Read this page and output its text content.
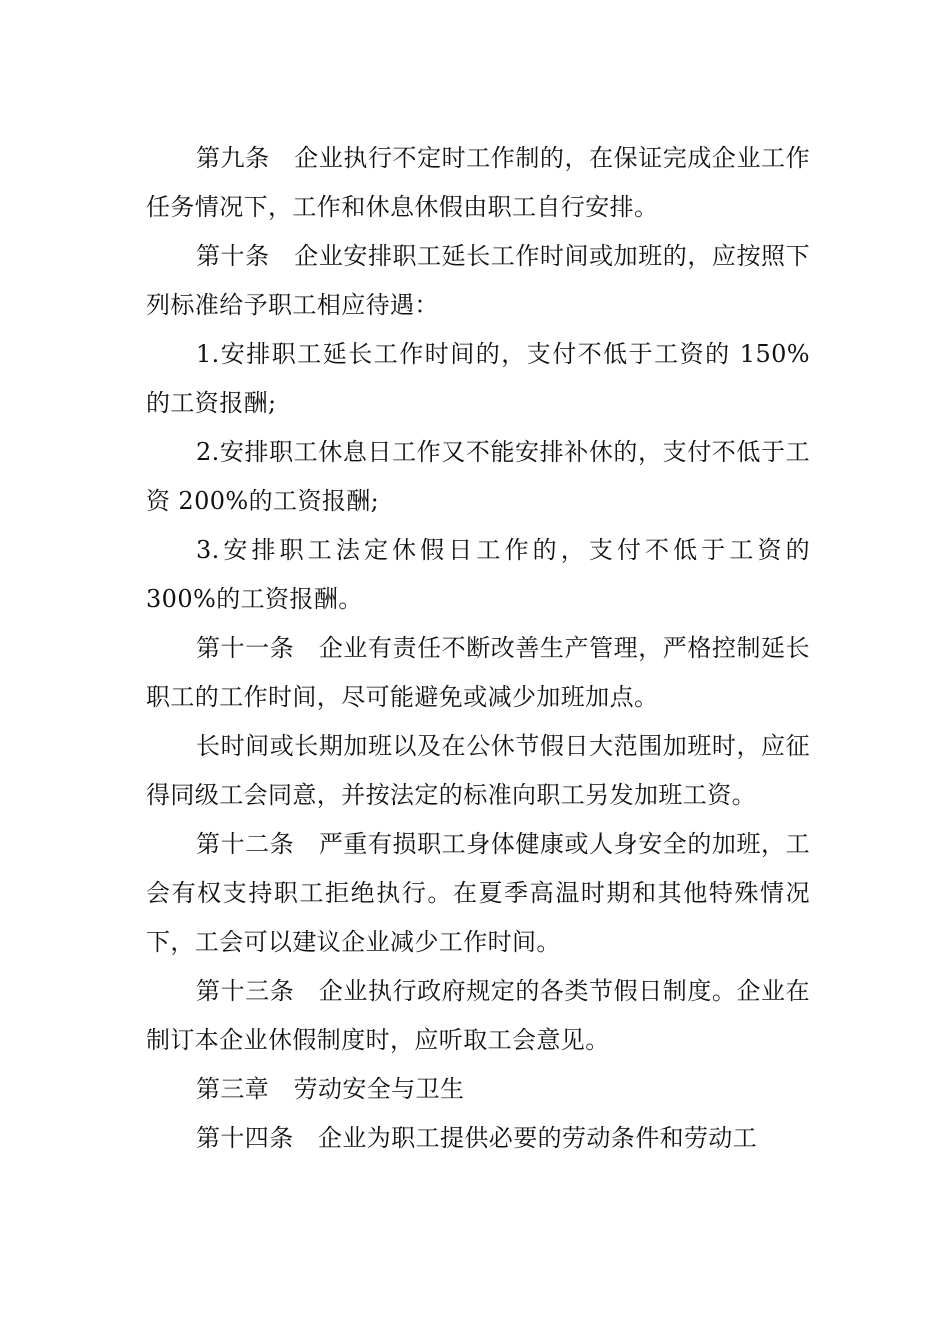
第九条　企业执行不定时工作制的，在保证完成企业工作任务情况下，工作和休息休假由职工自行安排。

第十条　企业安排职工延长工作时间或加班的，应按照下列标准给予职工相应待遇：

1.安排职工延长工作时间的，支付不低于工资的 150%的工资报酬;

2.安排职工休息日工作又不能安排补休的，支付不低于工资 200%的工资报酬;

3.安排职工法定休假日工作的，支付不低于工资的 300%的工资报酬。

第十一条　企业有责任不断改善生产管理，严格控制延长职工的工作时间，尽可能避免或减少加班加点。

长时间或长期加班以及在公休节假日大范围加班时，应征得同级工会同意，并按法定的标准向职工另发加班工资。

第十二条　严重有损职工身体健康或人身安全的加班，工会有权支持职工拒绝执行。在夏季高温时期和其他特殊情况下，工会可以建议企业减少工作时间。

第十三条　企业执行政府规定的各类节假日制度。企业在制订本企业休假制度时，应听取工会意见。

第三章　劳动安全与卫生

第十四条　企业为职工提供必要的劳动条件和劳动工
